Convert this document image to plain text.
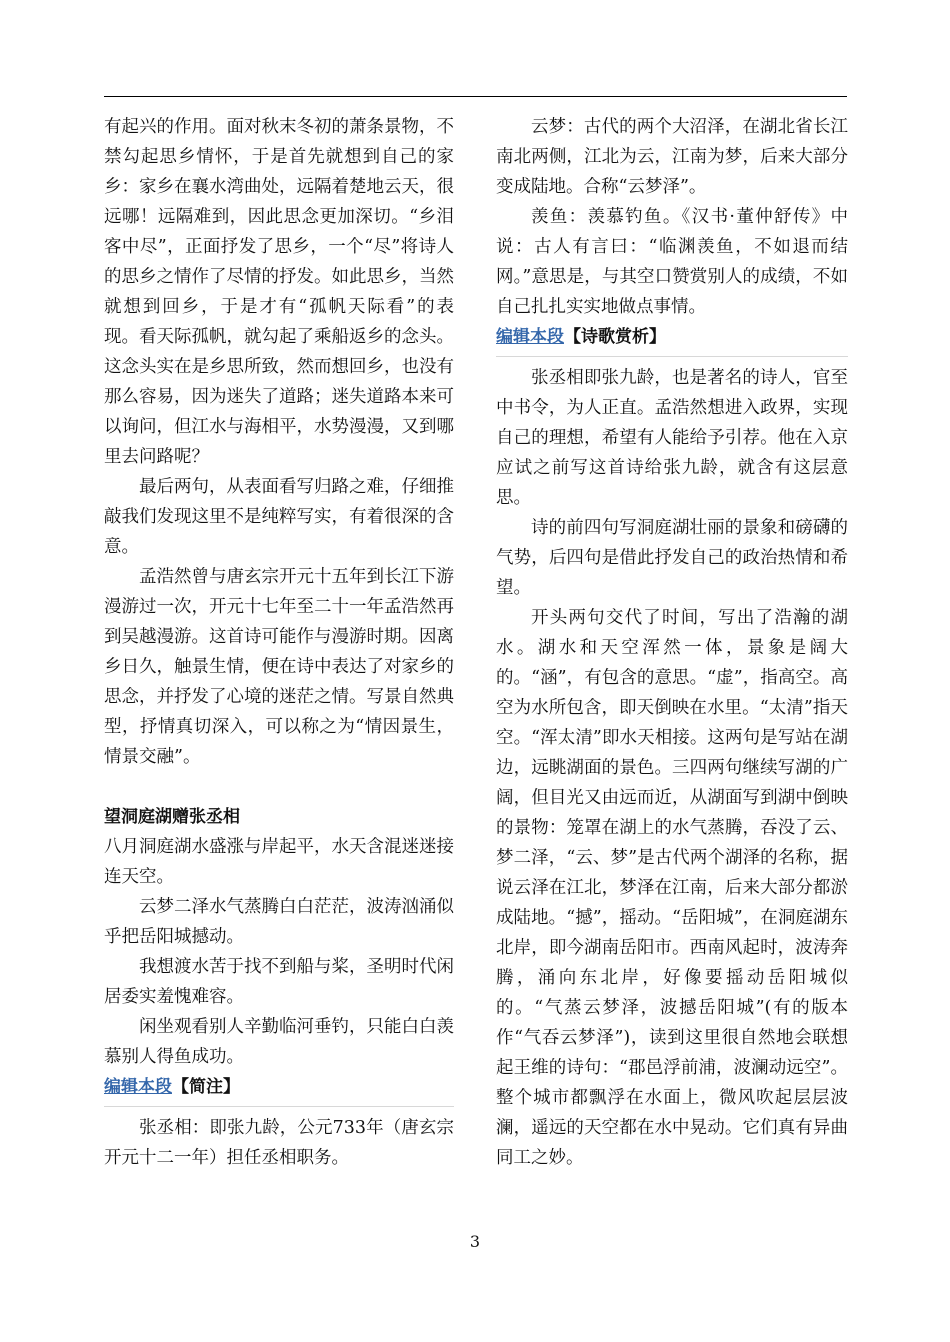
有起兴的作用。面对秋末冬初的萧条景物，不禁勾起思乡情怀，于是首先就想到自己的家乡：家乡在襄水湾曲处，远隔着楚地云天，很远哪！远隔难到，因此思念更加深切。“乡泪客中尽”，正面抒发了思乡，一个“尽”将诗人的思乡之情作了尽情的抒发。如此思乡，当然就想到回乡，于是才有“孤帆天际看”的表现。看天际孤帆，就勾起了乘船返乡的念头。这念头实在是乡思所致，然而想回乡，也没有那么容易，因为迷失了道路；迷失道路本来可以询问，但江水与海相平，水势漫漫，又到哪里去问路呢？

最后两句，从表面看写归路之难，仔细推敲我们发现这里不是纯粹写实，有着很深的含意。

孟浩然曾与唐玄宗开元十五年到长江下游漫游过一次，开元十七年至二十一年孟浩然再到吴越漫游。这首诗可能作与漫游时期。因离乡日久，触景生情，便在诗中表达了对家乡的思念，并抒发了心境的迷茫之情。写景自然典型，抒情真切深入，可以称之为“情因景生，情景交融”。

望洞庭湖赠张丞相

八月洞庭湖水盛涨与岸起平，水天含混迷迷接连天空。

云梦二泽水气蒸腾白白茫茫，波涛汹涌似乎把岳阳城撼动。

我想渡水苦于找不到船与桨，圣明时代闲居委实羞愧难容。

闲坐观看别人辛勤临河垂钓，只能白白羡慕别人得鱼成功。

编辑本段【简注】

张丞相：即张九龄，公元733年（唐玄宗开元十二一年）担任丞相职务。

云梦：古代的两个大沼泽，在湖北省长江南北两侧，江北为云，江南为梦，后来大部分变成陆地。合称“云梦泽”。

羡鱼：羡慕钓鱼。《汉书·董仲舒传》中说：古人有言曰：“临渊羡鱼，不如退而结网。”意思是，与其空口赞赏别人的成绩，不如自己扎扎实实地做点事情。

编辑本段【诗歌赏析】

张丞相即张九龄，也是著名的诗人，官至中书令，为人正直。孟浩然想进入政界，实现自己的理想，希望有人能给予引荐。他在入京应试之前写这首诗给张九龄，就含有这层意思。

诗的前四句写洞庭湖壮丽的景象和磅礴的气势，后四句是借此抒发自己的政治热情和希望。

开头两句交代了时间，写出了浩瀚的湖水。湖水和天空浑然一体，景象是阔大的。“涵”，有包含的意思。“虚”，指高空。高空为水所包含，即天倒映在水里。“太清”指天空。“浑太清”即水天相接。这两句是写站在湖边，远眺湖面的景色。三四两句继续写湖的广阔，但目光又由远而近，从湖面写到湖中倒映的景物：笼罩在湖上的水气蒸腾，吞没了云、梦二泽，“云、梦”是古代两个湖泽的名称，据说云泽在江北，梦泽在江南，后来大部分都淤成陆地。“撼”，摇动。“岳阳城”，在洞庭湖东北岸，即今湖南岳阳市。西南风起时，波涛奔腾，涌向东北岸，好像要摇动岳阳城似的。“气蒸云梦泽，波撼岳阳城”(有的版本作“气吞云梦泽”)，读到这里很自然地会联想起王维的诗句：“郡邑浮前浦，波澜动远空”。整个城市都飘浮在水面上，微风吹起层层波澜，遥远的天空都在水中晃动。它们真有异曲同工之妙。

3
